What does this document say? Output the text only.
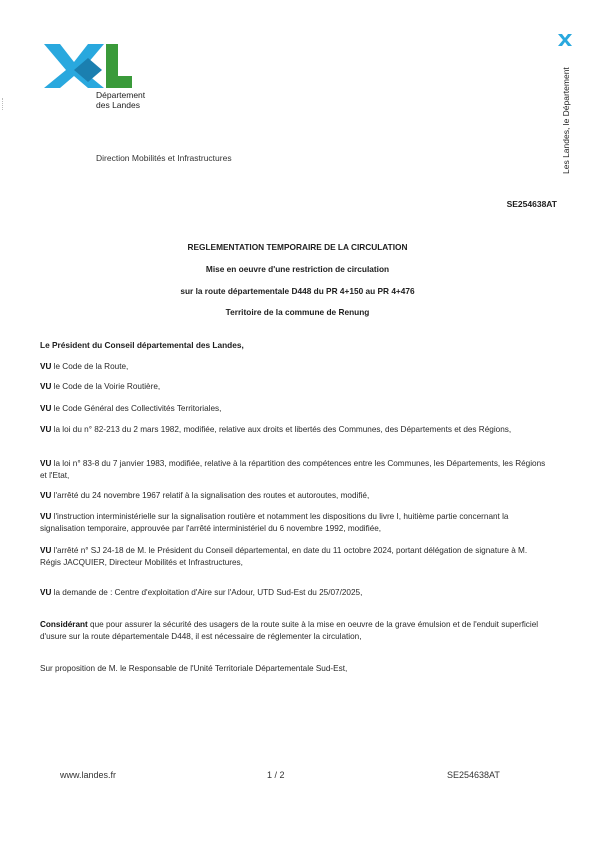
Département
des Landes	Les Landes, le Département
Direction Mobilités et Infrastructures
SE254638AT
REGLEMENTATION TEMPORAIRE DE LA CIRCULATION
Mise en oeuvre d'une restriction de circulation
sur la route départementale D448 du PR 4+150 au PR 4+476
Territoire de la commune de Renung
Le Président du Conseil départemental des Landes,
VU le Code de la Route,
VU le Code de la Voirie Routière,
VU le Code Général des Collectivités Territoriales,
VU la loi du n° 82-213 du 2 mars 1982, modifiée, relative aux droits et libertés des Communes, des Départements et des Régions,
VU la loi n° 83-8 du 7 janvier 1983, modifiée, relative à la répartition des compétences entre les Communes, les Départements, les Régions et l'Etat,
VU l'arrêté du 24 novembre 1967 relatif à la signalisation des routes et autoroutes, modifié,
VU l'instruction interministérielle sur la signalisation routière et notamment les dispositions du livre I, huitième partie concernant la signalisation temporaire, approuvée par l'arrêté interministériel du 6 novembre 1992, modifiée,
VU l'arrêté n° SJ 24-18 de M. le Président du Conseil départemental, en date du 11 octobre 2024, portant délégation de signature à M. Régis JACQUIER, Directeur Mobilités et Infrastructures,
VU la demande de : Centre d'exploitation d'Aire sur l'Adour, UTD Sud-Est du 25/07/2025,
Considérant que pour assurer la sécurité des usagers de la route suite à la mise en oeuvre de la grave émulsion et de l'enduit superficiel d'usure sur la route départementale D448, il est nécessaire de réglementer la circulation,
Sur proposition de M. le Responsable de l'Unité Territoriale Départementale Sud-Est,
www.landes.fr	1 / 2	SE254638AT
